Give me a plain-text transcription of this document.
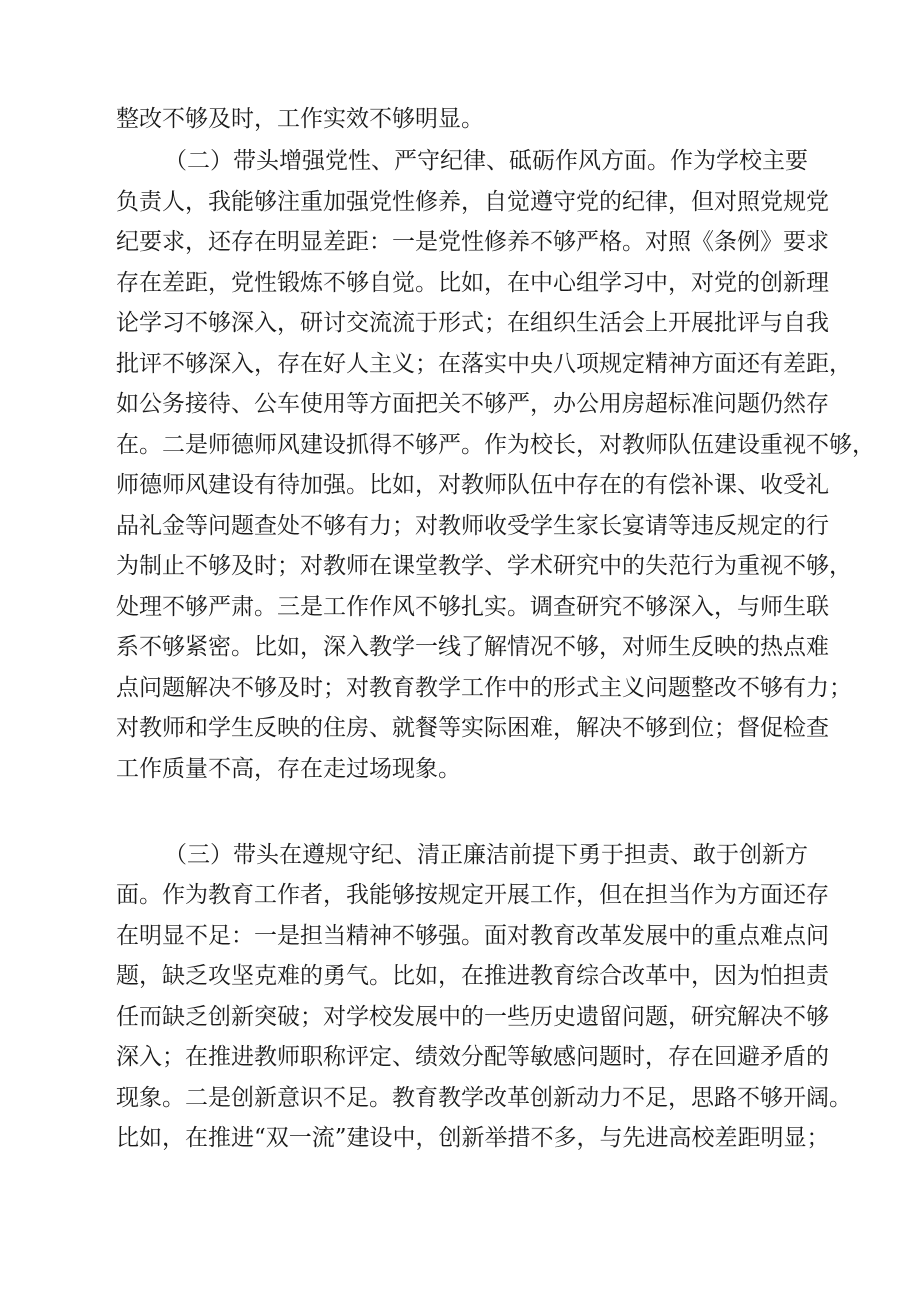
整改不够及时，工作实效不够明显。
（二）带头增强党性、严守纪律、砥砺作风方面。作为学校主要
负责人，我能够注重加强党性修养，自觉遵守党的纪律，但对照党规党
纪要求，还存在明显差距：一是党性修养不够严格。对照《条例》要求
存在差距，党性锻炼不够自觉。比如，在中心组学习中，对党的创新理
论学习不够深入，研讨交流流于形式；在组织生活会上开展批评与自我
批评不够深入，存在好人主义；在落实中央八项规定精神方面还有差距，
如公务接待、公车使用等方面把关不够严，办公用房超标准问题仍然存
在。二是师德师风建设抓得不够严。作为校长，对教师队伍建设重视不够，
师德师风建设有待加强。比如，对教师队伍中存在的有偿补课、收受礼
品礼金等问题查处不够有力；对教师收受学生家长宴请等违反规定的行
为制止不够及时；对教师在课堂教学、学术研究中的失范行为重视不够，
处理不够严肃。三是工作作风不够扎实。调查研究不够深入，与师生联
系不够紧密。比如，深入教学一线了解情况不够，对师生反映的热点难
点问题解决不够及时；对教育教学工作中的形式主义问题整改不够有力；
对教师和学生反映的住房、就餐等实际困难，解决不够到位；督促检查
工作质量不高，存在走过场现象。
（三）带头在遵规守纪、清正廉洁前提下勇于担责、敢于创新方
面。作为教育工作者，我能够按规定开展工作，但在担当作为方面还存
在明显不足：一是担当精神不够强。面对教育改革发展中的重点难点问
题，缺乏攻坚克难的勇气。比如，在推进教育综合改革中，因为怕担责
任而缺乏创新突破；对学校发展中的一些历史遗留问题，研究解决不够
深入；在推进教师职称评定、绩效分配等敏感问题时，存在回避矛盾的
现象。二是创新意识不足。教育教学改革创新动力不足，思路不够开阔。
比如，在推进“双一流”建设中，创新举措不多，与先进高校差距明显；
